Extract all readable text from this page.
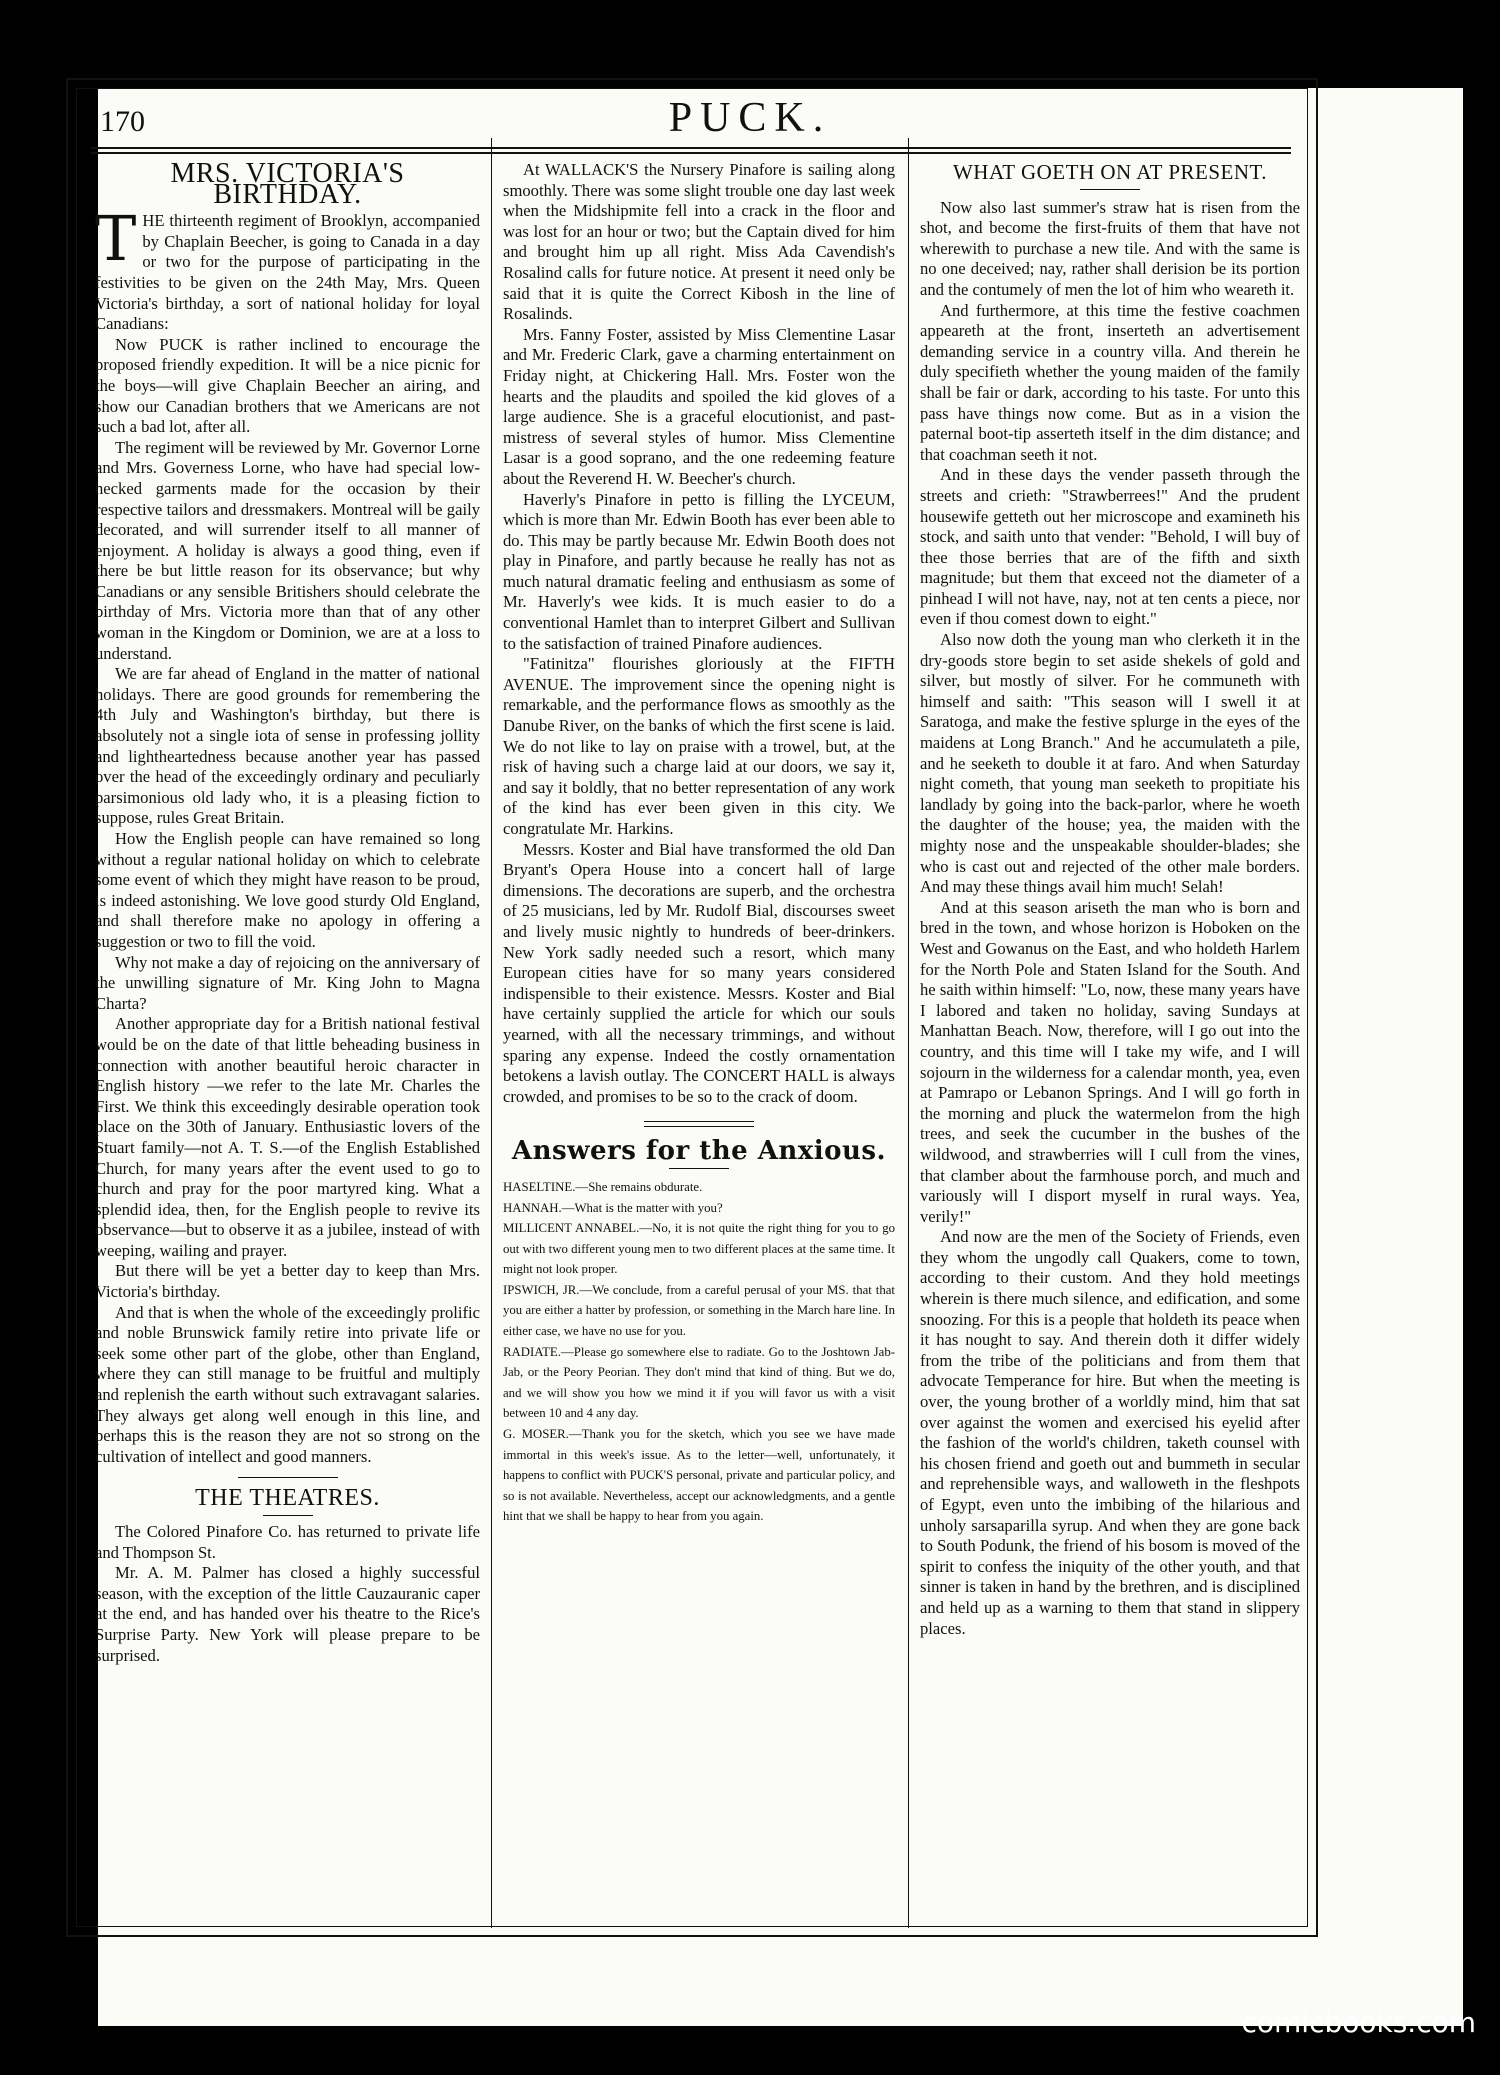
170	PUCK.
MRS. VICTORIA'S BIRTHDAY.

THE thirteenth regiment of Brooklyn, accompanied by Chaplain Beecher, is going to Canada in a day or two for the purpose of participating in the festivities to be given on the 24th May, Mrs. Queen Victoria's birthday, a sort of national holiday for loyal Canadians:

Now PUCK is rather inclined to encourage the proposed friendly expedition. It will be a nice picnic for the boys—will give Chaplain Beecher an airing, and show our Canadian brothers that we Americans are not such a bad lot, after all.

The regiment will be reviewed by Mr. Governor Lorne and Mrs. Governess Lorne, who have had special low-necked garments made for the occasion by their respective tailors and dressmakers. Montreal will be gaily decorated, and will surrender itself to all manner of enjoyment. A holiday is always a good thing, even if there be but little reason for its observance; but why Canadians or any sensible Britishers should celebrate the birthday of Mrs. Victoria more than that of any other woman in the Kingdom or Dominion, we are at a loss to understand.

We are far ahead of England in the matter of national holidays. There are good grounds for remembering the 4th July and Washington's birthday, but there is absolutely not a single iota of sense in professing jollity and lightheartedness because another year has passed over the head of the exceedingly ordinary and peculiarly parsimonious old lady who, it is a pleasing fiction to suppose, rules Great Britain.

How the English people can have remained so long without a regular national holiday on which to celebrate some event of which they might have reason to be proud, is indeed astonishing. We love good sturdy Old England, and shall therefore make no apology in offering a suggestion or two to fill the void.

Why not make a day of rejoicing on the anniversary of the unwilling signature of Mr. King John to Magna Charta?

Another appropriate day for a British national festival would be on the date of that little beheading business in connection with another beautiful heroic character in English history —we refer to the late Mr. Charles the First. We think this exceedingly desirable operation took place on the 30th of January. Enthusiastic lovers of the Stuart family—not A. T. S.—of the English Established Church, for many years after the event used to go to church and pray for the poor martyred king. What a splendid idea, then, for the English people to revive its observance—but to observe it as a jubilee, instead of with weeping, wailing and prayer.

But there will be yet a better day to keep than Mrs. Victoria's birthday.

And that is when the whole of the exceedingly prolific and noble Brunswick family retire into private life or seek some other part of the globe, other than England, where they can still manage to be fruitful and multiply and replenish the earth without such extravagant salaries. They always get along well enough in this line, and perhaps this is the reason they are not so strong on the cultivation of intellect and good manners.

THE THEATRES.

The Colored Pinafore Co. has returned to private life and Thompson St.

Mr. A. M. Palmer has closed a highly successful season, with the exception of the little Cauzauranic caper at the end, and has handed over his theatre to the Rice's Surprise Party. New York will please prepare to be surprised.

At WALLACK'S the Nursery Pinafore is sailing along smoothly. There was some slight trouble one day last week when the Midshipmite fell into a crack in the floor and was lost for an hour or two; but the Captain dived for him and brought him up all right. Miss Ada Cavendish's Rosalind calls for future notice. At present it need only be said that it is quite the Correct Kibosh in the line of Rosalinds.

Mrs. Fanny Foster, assisted by Miss Clementine Lasar and Mr. Frederic Clark, gave a charming entertainment on Friday night, at Chickering Hall. Mrs. Foster won the hearts and the plaudits and spoiled the kid gloves of a large audience. She is a graceful elocutionist, and past-mistress of several styles of humor. Miss Clementine Lasar is a good soprano, and the one redeeming feature about the Reverend H. W. Beecher's church.

Haverly's Pinafore in petto is filling the LYCEUM, which is more than Mr. Edwin Booth has ever been able to do. This may be partly because Mr. Edwin Booth does not play in Pinafore, and partly because he really has not as much natural dramatic feeling and enthusiasm as some of Mr. Haverly's wee kids. It is much easier to do a conventional Hamlet than to interpret Gilbert and Sullivan to the satisfaction of trained Pinafore audiences.

"Fatinitza" flourishes gloriously at the FIFTH AVENUE. The improvement since the opening night is remarkable, and the performance flows as smoothly as the Danube River, on the banks of which the first scene is laid. We do not like to lay on praise with a trowel, but, at the risk of having such a charge laid at our doors, we say it, and say it boldly, that no better representation of any work of the kind has ever been given in this city. We congratulate Mr. Harkins.

Messrs. Koster and Bial have transformed the old Dan Bryant's Opera House into a concert hall of large dimensions. The decorations are superb, and the orchestra of 25 musicians, led by Mr. Rudolf Bial, discourses sweet and lively music nightly to hundreds of beer-drinkers. New York sadly needed such a resort, which many European cities have for so many years considered indispensible to their existence. Messrs. Koster and Bial have certainly supplied the article for which our souls yearned, with all the necessary trimmings, and without sparing any expense. Indeed the costly ornamentation betokens a lavish outlay. The CONCERT HALL is always crowded, and promises to be so to the crack of doom.

Answers for the Anxious.

HASELTINE.—She remains obdurate.

HANNAH.—What is the matter with you?

MILLICENT ANNABEL.—No, it is not quite the right thing for you to go out with two different young men to two different places at the same time. It might not look proper.

IPSWICH, JR.—We conclude, from a careful perusal of your MS. that that you are either a hatter by profession, or something in the March hare line. In either case, we have no use for you.

RADIATE.—Please go somewhere else to radiate. Go to the Joshtown Jab-Jab, or the Peory Peorian. They don't mind that kind of thing. But we do, and we will show you how we mind it if you will favor us with a visit between 10 and 4 any day.

G. MOSER.—Thank you for the sketch, which you see we have made immortal in this week's issue. As to the letter—well, unfortunately, it happens to conflict with PUCK'S personal, private and particular policy, and so is not available. Nevertheless, accept our acknowledgments, and a gentle hint that we shall be happy to hear from you again.

WHAT GOETH ON AT PRESENT.

Now also last summer's straw hat is risen from the shot, and become the first-fruits of them that have not wherewith to purchase a new tile. And with the same is no one deceived; nay, rather shall derision be its portion and the contumely of men the lot of him who weareth it.

And furthermore, at this time the festive coachmen appeareth at the front, inserteth an advertisement demanding service in a country villa. And therein he duly specifieth whether the young maiden of the family shall be fair or dark, according to his taste. For unto this pass have things now come. But as in a vision the paternal boot-tip asserteth itself in the dim distance; and that coachman seeth it not.

And in these days the vender passeth through the streets and crieth: "Strawberrees!" And the prudent housewife getteth out her microscope and examineth his stock, and saith unto that vender: "Behold, I will buy of thee those berries that are of the fifth and sixth magnitude; but them that exceed not the diameter of a pinhead I will not have, nay, not at ten cents a piece, nor even if thou comest down to eight."

Also now doth the young man who clerketh it in the dry-goods store begin to set aside shekels of gold and silver, but mostly of silver. For he communeth with himself and saith: "This season will I swell it at Saratoga, and make the festive splurge in the eyes of the maidens at Long Branch." And he accumulateth a pile, and he seeketh to double it at faro. And when Saturday night cometh, that young man seeketh to propitiate his landlady by going into the back-parlor, where he woeth the daughter of the house; yea, the maiden with the mighty nose and the unspeakable shoulder-blades; she who is cast out and rejected of the other male borders. And may these things avail him much! Selah!

And at this season ariseth the man who is born and bred in the town, and whose horizon is Hoboken on the West and Gowanus on the East, and who holdeth Harlem for the North Pole and Staten Island for the South. And he saith within himself: "Lo, now, these many years have I labored and taken no holiday, saving Sundays at Manhattan Beach. Now, therefore, will I go out into the country, and this time will I take my wife, and I will sojourn in the wilderness for a calendar month, yea, even at Pamrapo or Lebanon Springs. And I will go forth in the morning and pluck the watermelon from the high trees, and seek the cucumber in the bushes of the wildwood, and strawberries will I cull from the vines, that clamber about the farmhouse porch, and much and variously will I disport myself in rural ways. Yea, verily!"

And now are the men of the Society of Friends, even they whom the ungodly call Quakers, come to town, according to their custom. And they hold meetings wherein is there much silence, and edification, and some snoozing. For this is a people that holdeth its peace when it has nought to say. And therein doth it differ widely from the tribe of the politicians and from them that advocate Temperance for hire. But when the meeting is over, the young brother of a worldly mind, him that sat over against the women and exercised his eyelid after the fashion of the world's children, taketh counsel with his chosen friend and goeth out and bummeth in secular and reprehensible ways, and walloweth in the fleshpots of Egypt, even unto the imbibing of the hilarious and unholy sarsaparilla syrup. And when they are gone back to South Podunk, the friend of his bosom is moved of the spirit to confess the iniquity of the other youth, and that sinner is taken in hand by the brethren, and is disciplined and held up as a warning to them that stand in slippery places.

comicbooks.com
